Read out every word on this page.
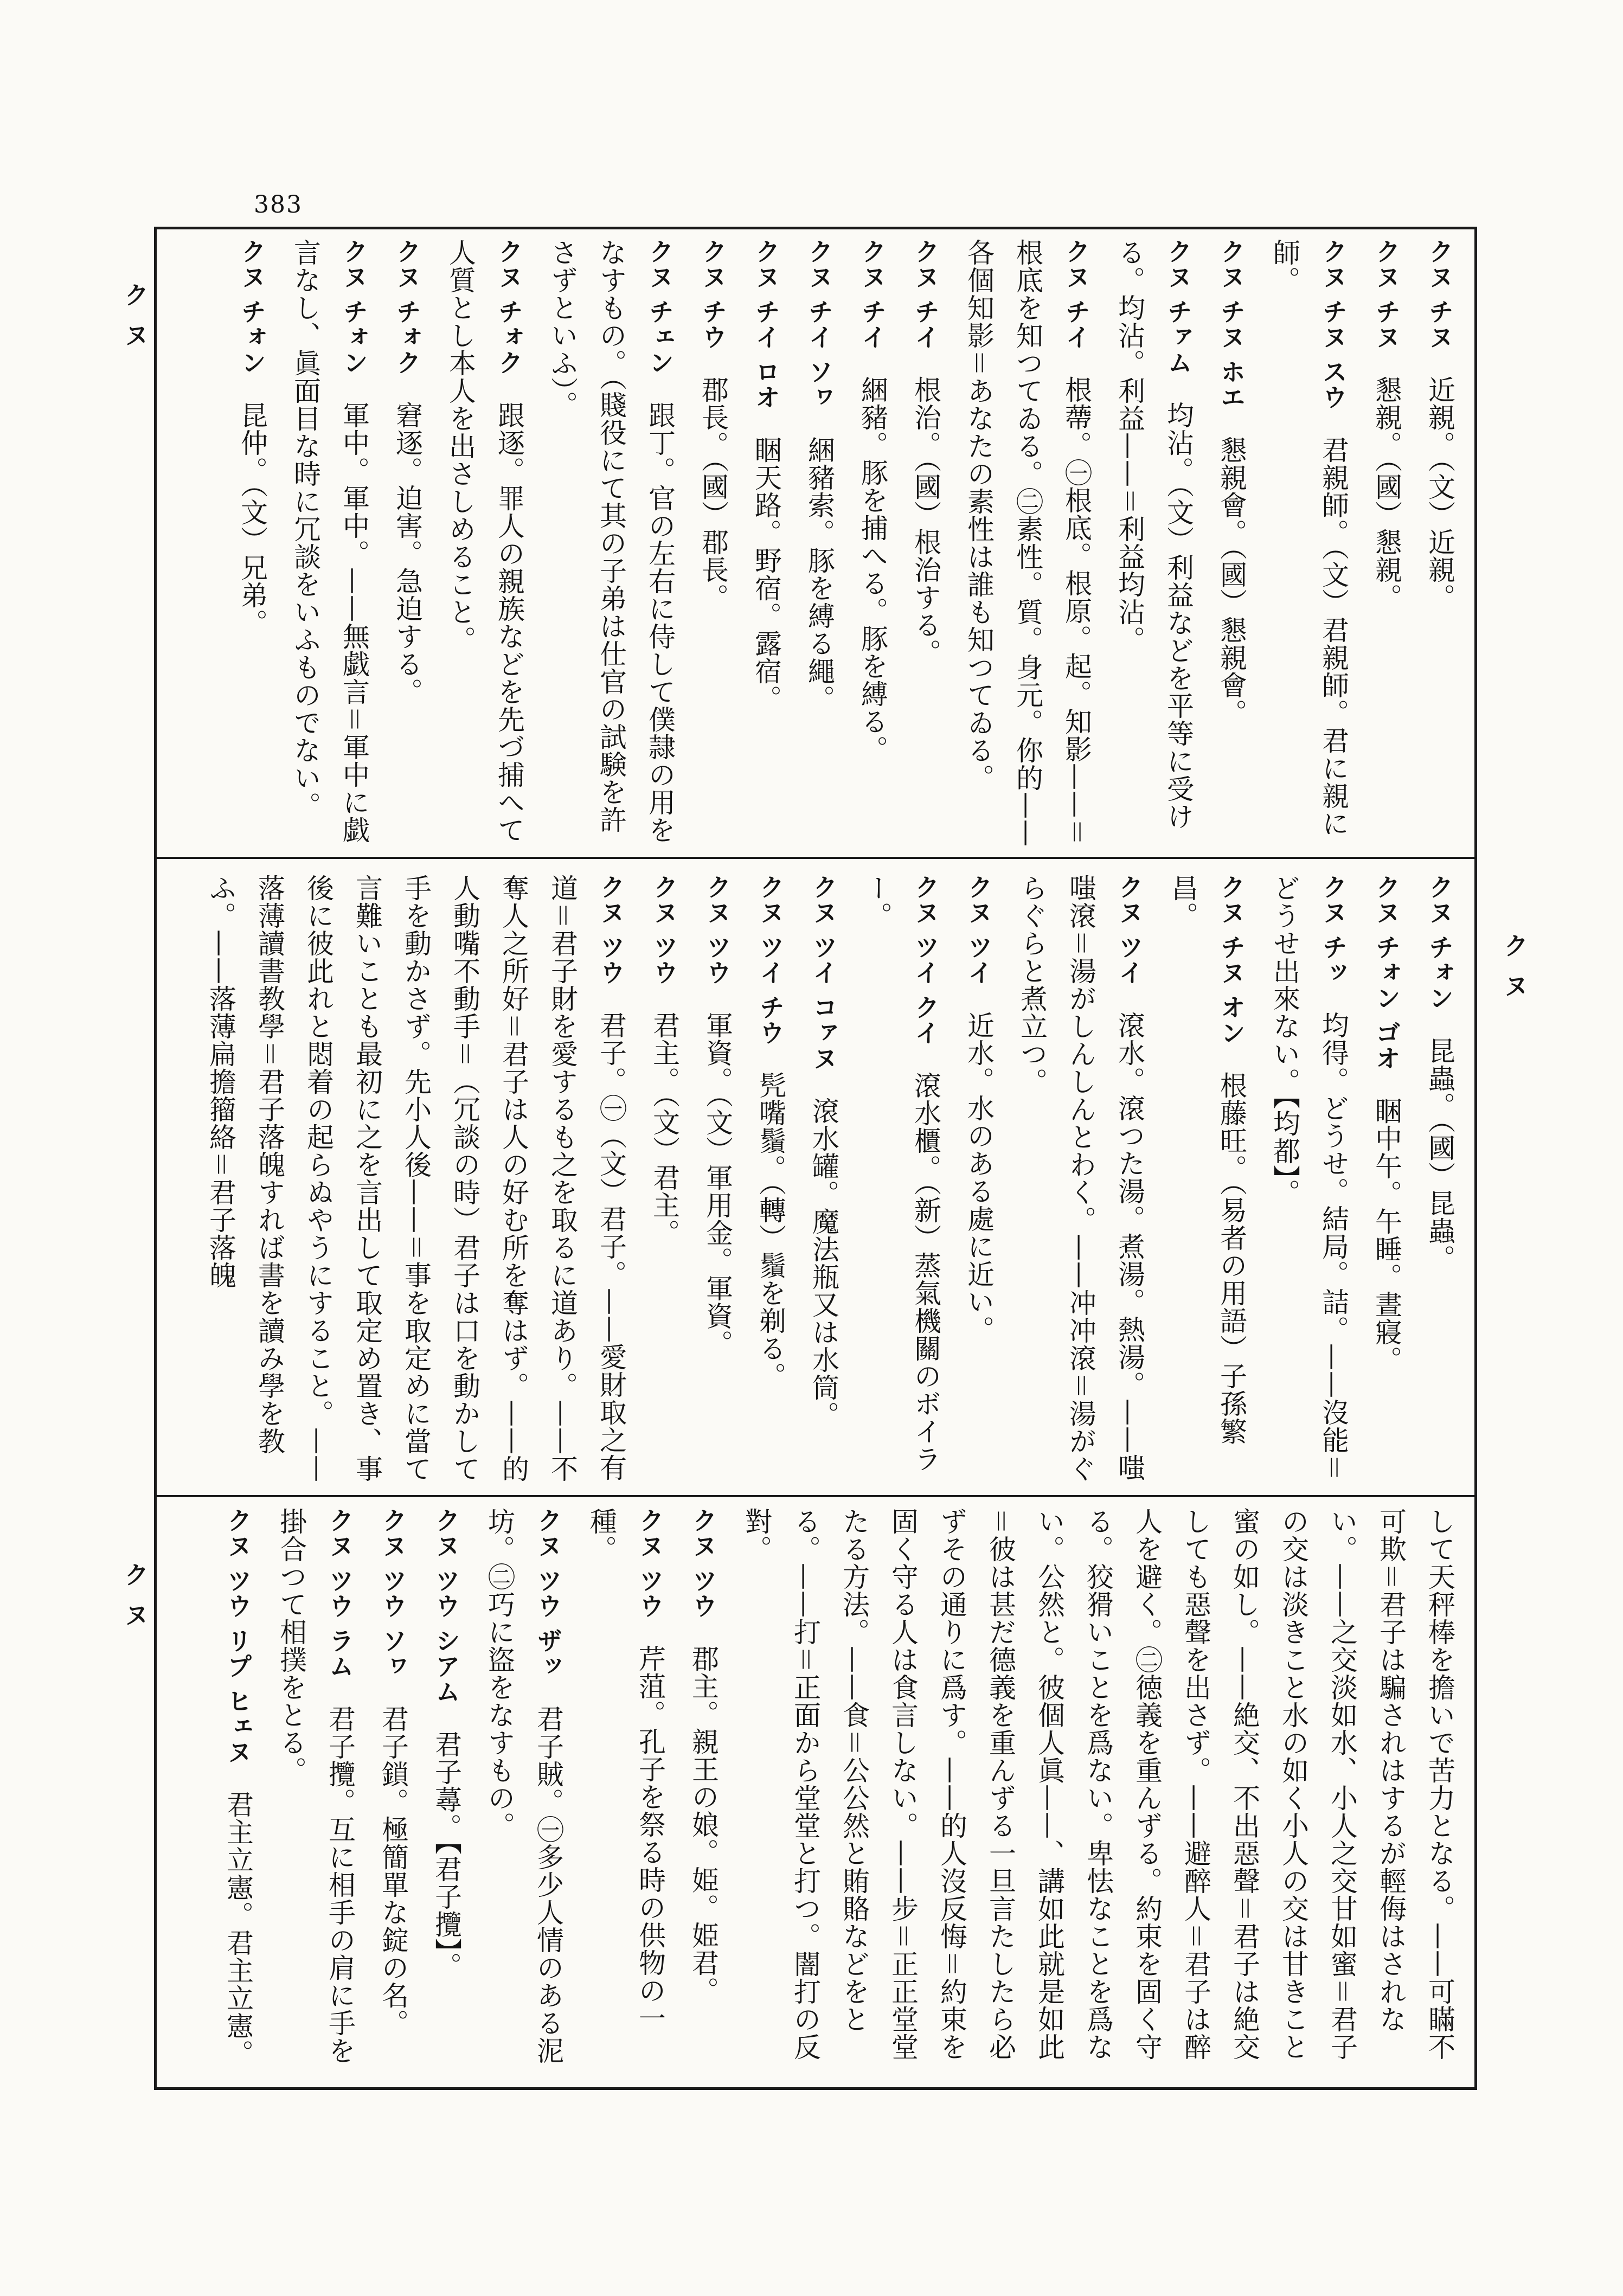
383
ク ヌ
ク ヌ
ク ヌ
クヌ チヌ近親。（文）近親。
クヌ チヌ懇親。（國）懇親。
クヌ チヌ スウ君親師。（文）君親師。君に親に師。
クヌ チヌ ホエ懇親會。（國）懇親會。
クヌ チァム均沾。（文）利益などを平等に受ける。均沾。利益——＝利益均沾。
クヌ チイ根蔕。㊀根底。根原。起。知影——＝根底を知つてゐる。㊁素性。質。身元。你的——各個知影＝あなたの素性は誰も知つてゐる。
クヌ チイ根治。（國）根治する。
クヌ チイ綑豬。豚を捕へる。豚を縛る。
クヌ チイ ソヮ綑豬索。豚を縛る繩。
クヌ チイ ロオ睏天路。野宿。露宿。
クヌ チウ郡長。（國）郡長。
クヌ チェン跟丁。官の左右に侍して僕隷の用をなすもの。（賤役にて其の子弟は仕官の試験を許さずといふ）。
クヌ チォク跟逐。罪人の親族などを先づ捕へて人質とし本人を出さしめること。
クヌ チォク窘逐。迫害。急迫する。
クヌ チォン軍中。軍中。——無戯言＝軍中に戯言なし、眞面目な時に冗談をいふものでない。
クヌ チォン昆仲。（文）兄弟。
クヌ チォン昆蟲。（國）昆蟲。
クヌ チォン ゴオ睏中午。午睡。晝寢。
クヌ チッ均得。どうせ。結局。詰。——沒能＝どうせ出來ない。【均都】。
クヌ チヌ オン根藤旺。（易者の用語）子孫繁昌。
クヌ ツイ滾水。滾つた湯。煮湯。熱湯。——嗤嗤滾＝湯がしんしんとわく。——冲冲滾＝湯がぐらぐらと煮立つ。
クヌ ツイ近水。水のある處に近い。
クヌ ツイ クイ滾水櫃。（新）蒸氣機關のボイラー。
クヌ ツイ コァヌ滾水罐。魔法瓶又は水筒。
クヌ ツイ チウ髠嘴鬚。（轉）鬚を剃る。
クヌ ツウ軍資。（文）軍用金。軍資。
クヌ ツウ君主。（文）君主。
クヌ ツウ君子。㊀（文）君子。——愛財取之有道＝君子財を愛するも之を取るに道あり。——不奪人之所好＝君子は人の好む所を奪はず。——的人動嘴不動手＝（冗談の時）君子は口を動かして手を動かさず。先小人後——＝事を取定めに當て言難いことも最初に之を言出して取定め置き、事後に彼此れと悶着の起らぬやうにすること。——落薄讀書教學＝君子落魄すれば書を讀み學を教ふ。——落薄扁擔籀絡＝君子落魄
して天秤棒を擔いで苦力となる。——可瞞不可欺＝君子は騙されはするが輕侮はされない。——之交淡如水、小人之交甘如蜜＝君子の交は淡きこと水の如く小人の交は甘きこと蜜の如し。——絶交、不出惡聲＝君子は絶交しても惡聲を出さず。——避醉人＝君子は醉人を避く。㊁徳義を重んずる。約束を固く守る。狡猾いことを爲ない。卑怯なことを爲ない。公然と。彼個人眞——、講如此就是如此＝彼は甚だ德義を重んずる一旦言たしたら必ずその通りに爲す。——的人沒反悔＝約束を固く守る人は食言しない。——步＝正正堂堂たる方法。——食＝公公然と賄賂などをとる。——打＝正面から堂堂と打つ。闇打の反對。
クヌ ツウ郡主。親王の娘。姫。姫君。
クヌ ツウ芹菹。孔子を祭る時の供物の一種。
クヌ ツウ ザッ君子賊。㊀多少人情のある泥坊。㊁巧に盜をなすもの。
クヌ ツウ シアム君子蕁。【君子攬】。
クヌ ツウ ソヮ君子鎖。極簡單な錠の名。
クヌ ツウ ラム君子攬。互に相手の肩に手を掛合つて相撲をとる。
クヌ ツウ リプ ヒェヌ君主立憲。君主立憲。
